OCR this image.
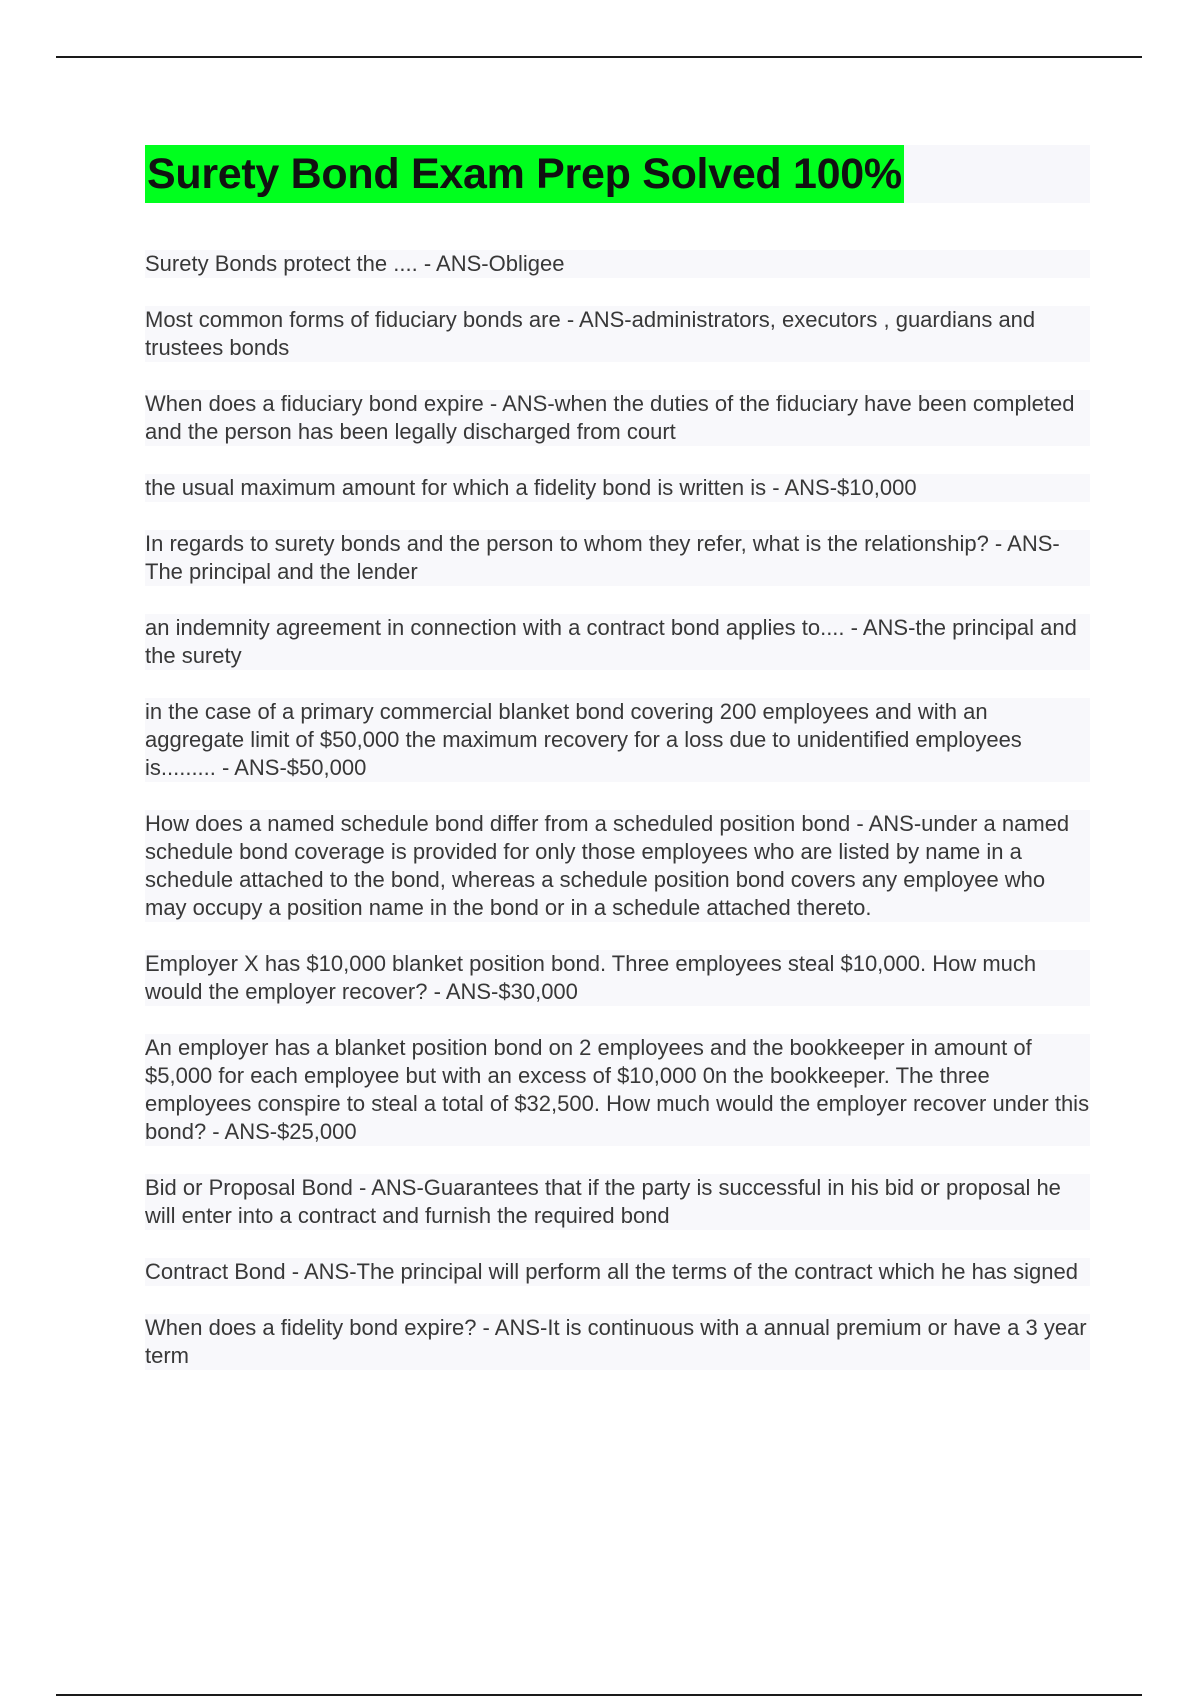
Surety Bond Exam Prep Solved 100%

Surety Bonds protect the .... - ANS-Obligee

Most common forms of fiduciary bonds are - ANS-administrators, executors , guardians and trustees bonds

When does a fiduciary bond expire - ANS-when the duties of the fiduciary have been completed and the person has been legally discharged from court

the usual maximum amount for which a fidelity bond is written is - ANS-$10,000

In regards to surety bonds and the person to whom they refer, what is the relationship? - ANS-The principal and the lender

an indemnity agreement in connection with a contract bond applies to.... - ANS-the principal and the surety

in the case of a primary commercial blanket bond covering 200 employees and with an aggregate limit of $50,000 the maximum recovery for a loss due to unidentified employees is......... - ANS-$50,000

How does a named schedule bond differ from a scheduled position bond - ANS-under a named schedule bond coverage is provided for only those employees who are listed by name in a schedule attached to the bond, whereas a schedule position bond covers any employee who may occupy a position name in the bond or in a schedule attached thereto.

Employer X has $10,000 blanket position bond. Three employees steal $10,000. How much would the employer recover? - ANS-$30,000

An employer has a blanket position bond on 2 employees and the bookkeeper in amount of $5,000 for each employee but with an excess of $10,000 0n the bookkeeper. The three employees conspire to steal a total of $32,500. How much would the employer recover under this bond? - ANS-$25,000

Bid or Proposal Bond - ANS-Guarantees that if the party is successful in his bid or proposal he will enter into a contract and furnish the required bond

Contract Bond - ANS-The principal will perform all the terms of the contract which he has signed

When does a fidelity bond expire? - ANS-It is continuous with a annual premium or have a 3 year term
